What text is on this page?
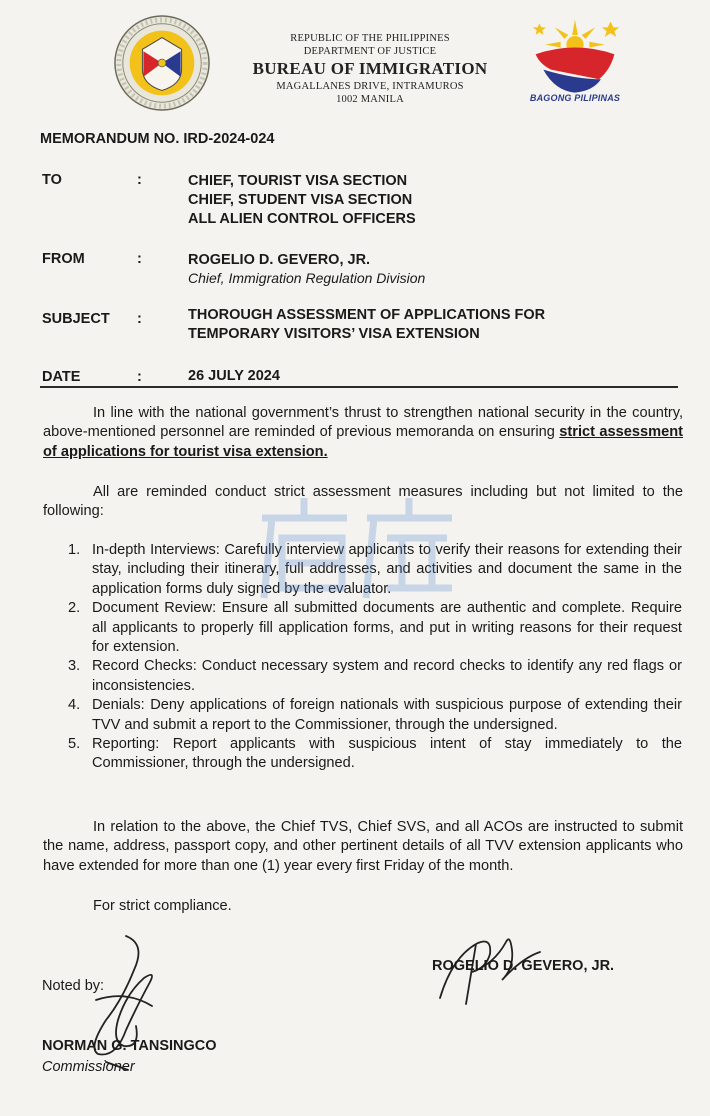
REPUBLIC OF THE PHILIPPINES
DEPARTMENT OF JUSTICE
BUREAU OF IMMIGRATION
MAGALLANES DRIVE, INTRAMUROS
1002 MANILA	BAGONG PILIPINAS
MEMORANDUM NO. IRD-2024-024
TO	:	CHIEF, TOURIST VISA SECTION
CHIEF, STUDENT VISA SECTION
ALL ALIEN CONTROL OFFICERS
FROM	:	ROGELIO D. GEVERO, JR.
Chief, Immigration Regulation Division
SUBJECT :	THOROUGH ASSESSMENT OF APPLICATIONS FOR
TEMPORARY VISITORS’ VISA EXTENSION
DATE	:	26 JULY 2024
In line with the national government’s thrust to strengthen national security in the country, above-mentioned personnel are reminded of previous memoranda on ensuring strict assessment of applications for tourist visa extension.
All are reminded conduct strict assessment measures including but not limited to the following:
1. In-depth Interviews: Carefully interview applicants to verify their reasons for extending their stay, including their itinerary, full addresses, and activities and document the same in the application forms duly signed by the evaluator.
2. Document Review: Ensure all submitted documents are authentic and complete. Require all applicants to properly fill application forms, and put in writing reasons for their request for extension.
3. Record Checks: Conduct necessary system and record checks to identify any red flags or inconsistencies.
4. Denials: Deny applications of foreign nationals with suspicious purpose of extending their TVV and submit a report to the Commissioner, through the undersigned.
5. Reporting: Report applicants with suspicious intent of stay immediately to the Commissioner, through the undersigned.
In relation to the above, the Chief TVS, Chief SVS, and all ACOs are instructed to submit the name, address, passport copy, and other pertinent details of all TVV extension applicants who have extended for more than one (1) year every first Friday of the month.
For strict compliance.
ROGELIO D. GEVERO, JR.
Noted by:
NORMAN G. TANSINGCO
Commissioner
